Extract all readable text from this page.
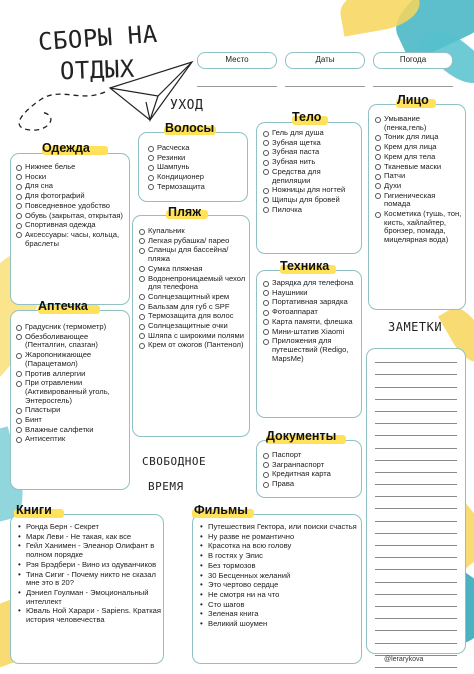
СБОРЫ НА
ОТДЫХ	Место	Даты	Погода
УХОД
Нижнее белье
Носки
Для сна
Для фотографий
Повседневное удобство
Обувь (закрытая, открытая)
Спортивная одежда
Аксессуары: часы, кольца, браслеты
Одежда
Градусник (термометр)
Обезболивающее (Пенталгин, спазган)
Жаропонижающее (Парацетамол)
Против аллергии
При отравлении (Активированный уголь, Энтеросгель)
Пластыри
Бинт
Влажные салфетки
Антисептик
Аптечка
Расческа
Резинки
Шампунь
Кондиционер
Термозащита
Волосы
Купальник
Легкая рубашка/ парео
Сланцы для бассейна/пляжа
Сумка пляжная
Водонепроницаемый чехол для телефона
Солнцезащитный крем
Бальзам для губ с SPF
Термозащита для волос
Солнцезащитные очки
Шляпа с широкими полями
Крем от ожогов (Пантенол)
Пляж
СВОБОДНОЕ
ВРЕМЯ
Гель для душа
Зубная щетка
Зубная паста
Зубная нить
Средства для депиляции
Ножницы для ногтей
Щипцы для бровей
Пилочка
Тело
Зарядка для телефона
Наушники
Портативная зарядка
Фотоаппарат
Карта памяти, флешка
Мини-штатив Xiaomi
Приложения для путешествий (Redigo, MapsMe)
Техника
Паспорт
Загранпаспорт
Кредитная карта
Права
Документы
Умывание (пенка,гель)
Тоник для лица
Крем для лица
Крем для тела
Тканевые маски
Патчи
Духи
Гигиеническая помада
Косметика (тушь, тон, кисть, хайлайтер, бронзер, помада, мицелярная вода)
Лицо
ЗАМЕТКИ
@lerarykova
• Ронда Берн - Секрет
• Марк Леви - Не такая, как все
• Гейл Ханимен - Элеанор Олифант в полном порядке
• Рэя Брэдбери - Вино из одуванчиков
• Тина Сигиг - Почему никто не сказал мне это в 20?
• Дэниел Гоулман - Эмоциональный интеллект
• Юваль Ной Харари - Sapiens. Краткая история человечества
Книги
• Путешествия Гектора, или поиски счастья
• Ну разве не романтично
• Красотка на всю голову
• В гостях у Элис
• Без тормозов
• 30 Бесценных желаний
• Это чертово сердце
• Не смотря ни на что
• Сто шагов
• Зеленая книга
• Великий шоумен
Фильмы
